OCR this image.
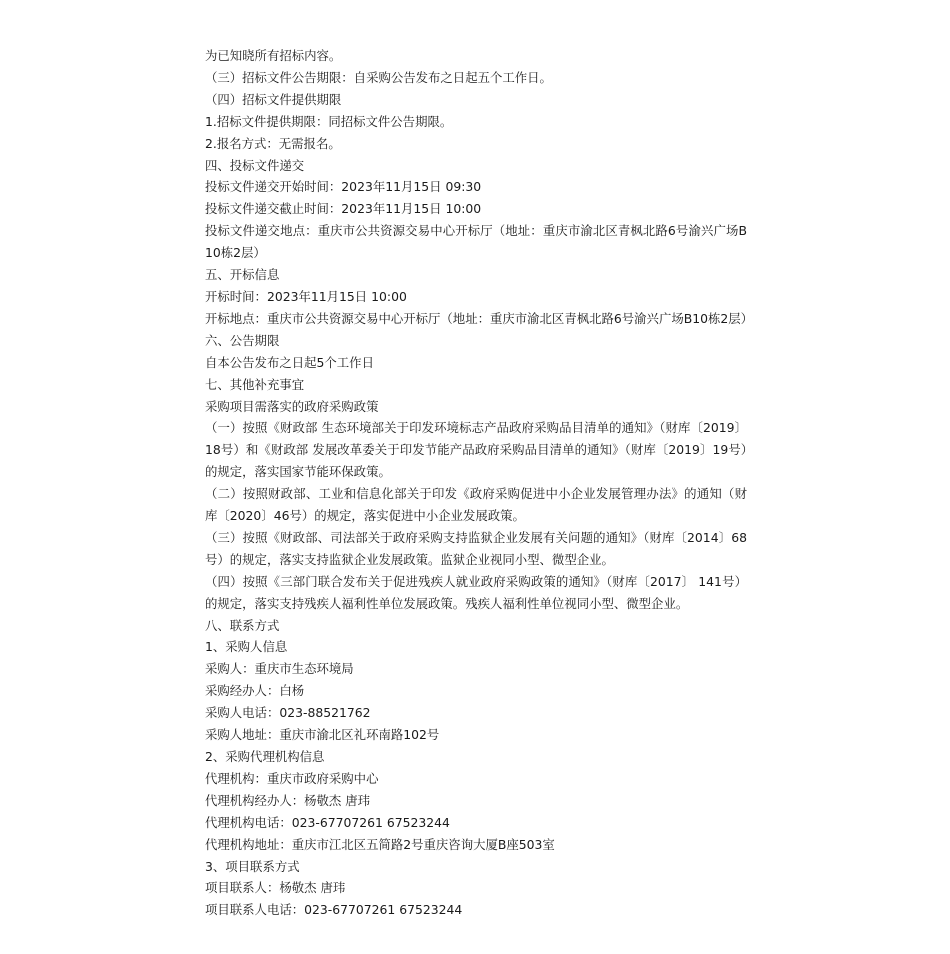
为已知晓所有招标内容。

（三）招标文件公告期限：自采购公告发布之日起五个工作日。

（四）招标文件提供期限

1.招标文件提供期限：同招标文件公告期限。

2.报名方式：无需报名。

四、投标文件递交

投标文件递交开始时间：2023年11月15日 09:30

投标文件递交截止时间：2023年11月15日 10:00

投标文件递交地点：重庆市公共资源交易中心开标厅（地址：重庆市渝北区青枫北路6号渝兴广场B10栋2层）

五、开标信息

开标时间：2023年11月15日 10:00

开标地点：重庆市公共资源交易中心开标厅（地址：重庆市渝北区青枫北路6号渝兴广场B10栋2层）

六、公告期限

自本公告发布之日起5个工作日

七、其他补充事宜

采购项目需落实的政府采购政策

（一）按照《财政部 生态环境部关于印发环境标志产品政府采购品目清单的通知》（财库〔2019〕18号）和《财政部 发展改革委关于印发节能产品政府采购品目清单的通知》（财库〔2019〕19号）的规定，落实国家节能环保政策。

（二）按照财政部、工业和信息化部关于印发《政府采购促进中小企业发展管理办法》的通知（财库〔2020〕46号）的规定，落实促进中小企业发展政策。

（三）按照《财政部、司法部关于政府采购支持监狱企业发展有关问题的通知》（财库〔2014〕68号）的规定，落实支持监狱企业发展政策。监狱企业视同小型、微型企业。

（四）按照《三部门联合发布关于促进残疾人就业政府采购政策的通知》（财库〔2017〕 141号）的规定，落实支持残疾人福利性单位发展政策。残疾人福利性单位视同小型、微型企业。

八、联系方式

1、采购人信息

采购人：重庆市生态环境局

采购经办人：白杨

采购人电话：023-88521762

采购人地址：重庆市渝北区礼环南路102号

2、采购代理机构信息

代理机构：重庆市政府采购中心

代理机构经办人：杨敬杰 唐玮

代理机构电话：023-67707261 67523244

代理机构地址：重庆市江北区五简路2号重庆咨询大厦B座503室

3、项目联系方式

项目联系人：杨敬杰 唐玮

项目联系人电话：023-67707261 67523244
